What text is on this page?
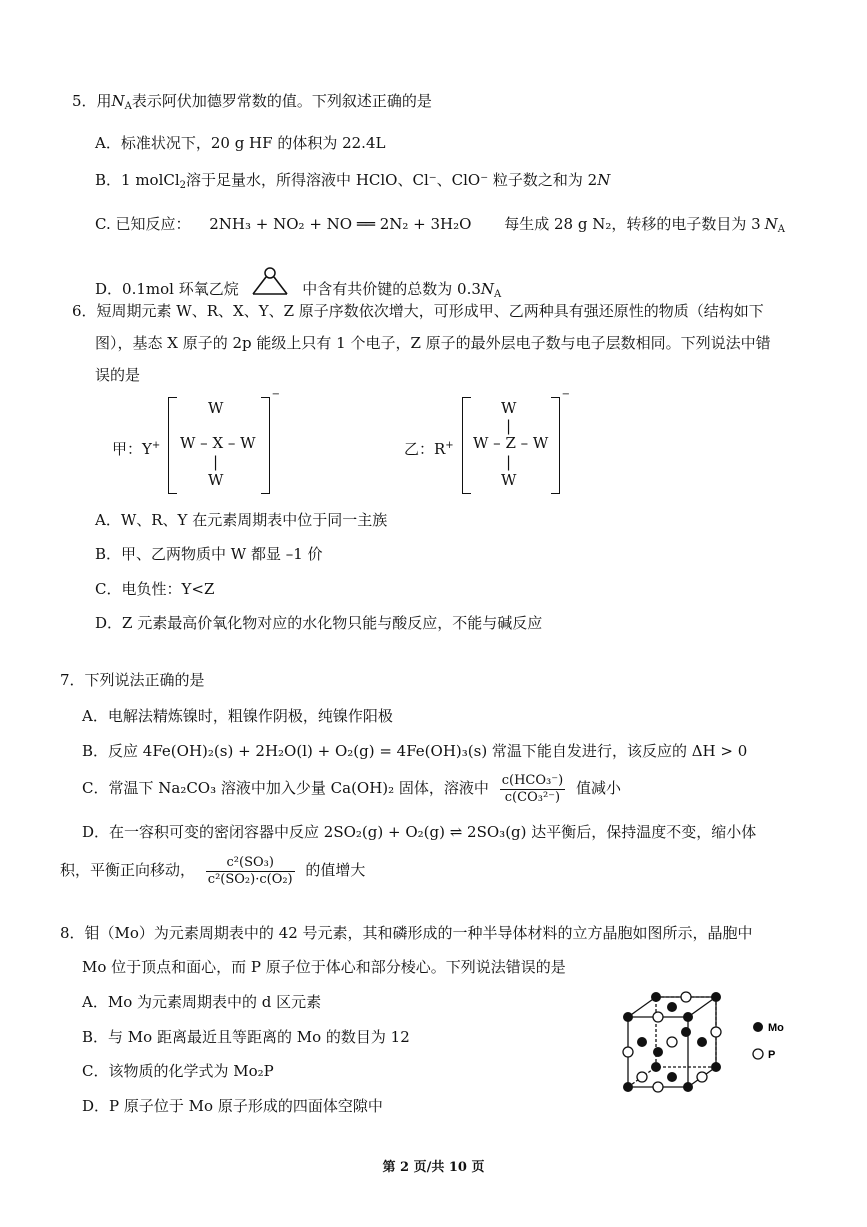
5．用$N_A$表示阿伏加德罗常数的值。下列叙述正确的是
A．标准状况下，20 g HF 的体积为 22.4L
B．1 molCl$_2$溶于足量水，所得溶液中 HClO、Cl⁻、ClO⁻ 粒子数之和为 2N
C. 已知反应： 2NH₃ + NO₂ + NO ══ 2N₂ + 3H₂O 每生成 28 g N₂，转移的电子数目为 3 $N_A$
D．0.1mol 环氧乙烷	中含有共价键的总数为 $0.3N_A$
6．短周期元素 W、R、X、Y、Z 原子序数依次增大，可形成甲、乙两种具有强还原性的物质（结构如下
图），基态 X 原子的 2p 能级上只有 1 个电子，Z 原子的最外层电子数与电子层数相同。下列说法中错
误的是
甲：Y+
W
W – X – W
|
W
−
乙：R+
W
|
W – Z – W
|
W
−
A．W、R、Y 在元素周期表中位于同一主族
B．甲、乙两物质中 W 都显 –1 价
C．电负性：Y<Z
D．Z 元素最高价氧化物对应的水化物只能与酸反应，不能与碱反应
7．下列说法正确的是
A．电解法精炼镍时，粗镍作阴极，纯镍作阳极
B．反应 4Fe(OH)₂(s) + 2H₂O(l) + O₂(g) = 4Fe(OH)₃(s) 常温下能自发进行，该反应的 ΔH > 0
C．常温下 Na₂CO₃ 溶液中加入少量 Ca(OH)₂ 固体，溶液中 $\frac{\text{c(HCO₃⁻)}}{\text{c(CO₃²⁻)}}$ 值减小
D．在一容积可变的密闭容器中反应 2SO₂(g) + O₂(g) ⇌ 2SO₃(g) 达平衡后，保持温度不变，缩小体
积，平衡正向移动， $\frac{\text{c²(SO₃)}}{\text{c²(SO₂)·c(O₂)}}$ 的值增大
8．钼（Mo）为元素周期表中的 42 号元素，其和磷形成的一种半导体材料的立方晶胞如图所示，晶胞中
Mo 位于顶点和面心，而 P 原子位于体心和部分棱心。下列说法错误的是
A．Mo 为元素周期表中的 d 区元素
B．与 Mo 距离最近且等距离的 Mo 的数目为 12
C．该物质的化学式为 Mo₂P
D．P 原子位于 Mo 原子形成的四面体空隙中
Mo
P
第 2 页/共 10 页
